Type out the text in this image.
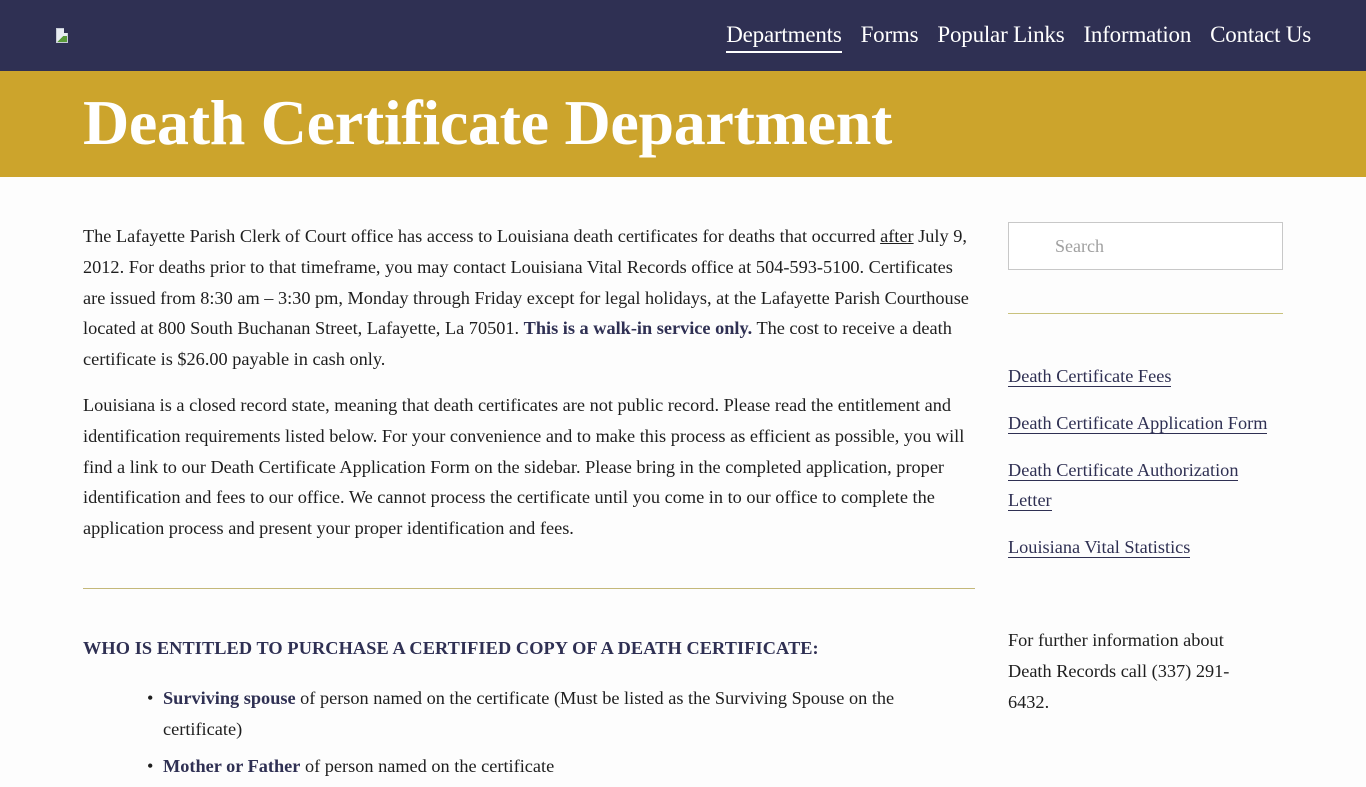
Departments Forms Popular Links Information Contact Us
Death Certificate Department

The Lafayette Parish Clerk of Court office has access to Louisiana death certificates for deaths that occurred after July 9, 2012. For deaths prior to that timeframe, you may contact Louisiana Vital Records office at 504-593-5100. Certificates are issued from 8:30 am – 3:30 pm, Monday through Friday except for legal holidays, at the Lafayette Parish Courthouse located at 800 South Buchanan Street, Lafayette, La 70501. This is a walk-in service only. The cost to receive a death certificate is $26.00 payable in cash only.

Louisiana is a closed record state, meaning that death certificates are not public record. Please read the entitlement and identification requirements listed below. For your convenience and to make this process as efficient as possible, you will find a link to our Death Certificate Application Form on the sidebar. Please bring in the completed application, proper identification and fees to our office. We cannot process the certificate until you come in to our office to complete the application process and present your proper identification and fees.

WHO IS ENTITLED TO PURCHASE A CERTIFIED COPY OF A DEATH CERTIFICATE:
• Surviving spouse of person named on the certificate (Must be listed as the Surviving Spouse on the certificate)
• Mother or Father of person named on the certificate
Search
Death Certificate Fees
Death Certificate Application Form
Death Certificate Authorization Letter
Louisiana Vital Statistics

For further information about Death Records call (337) 291-6432.
